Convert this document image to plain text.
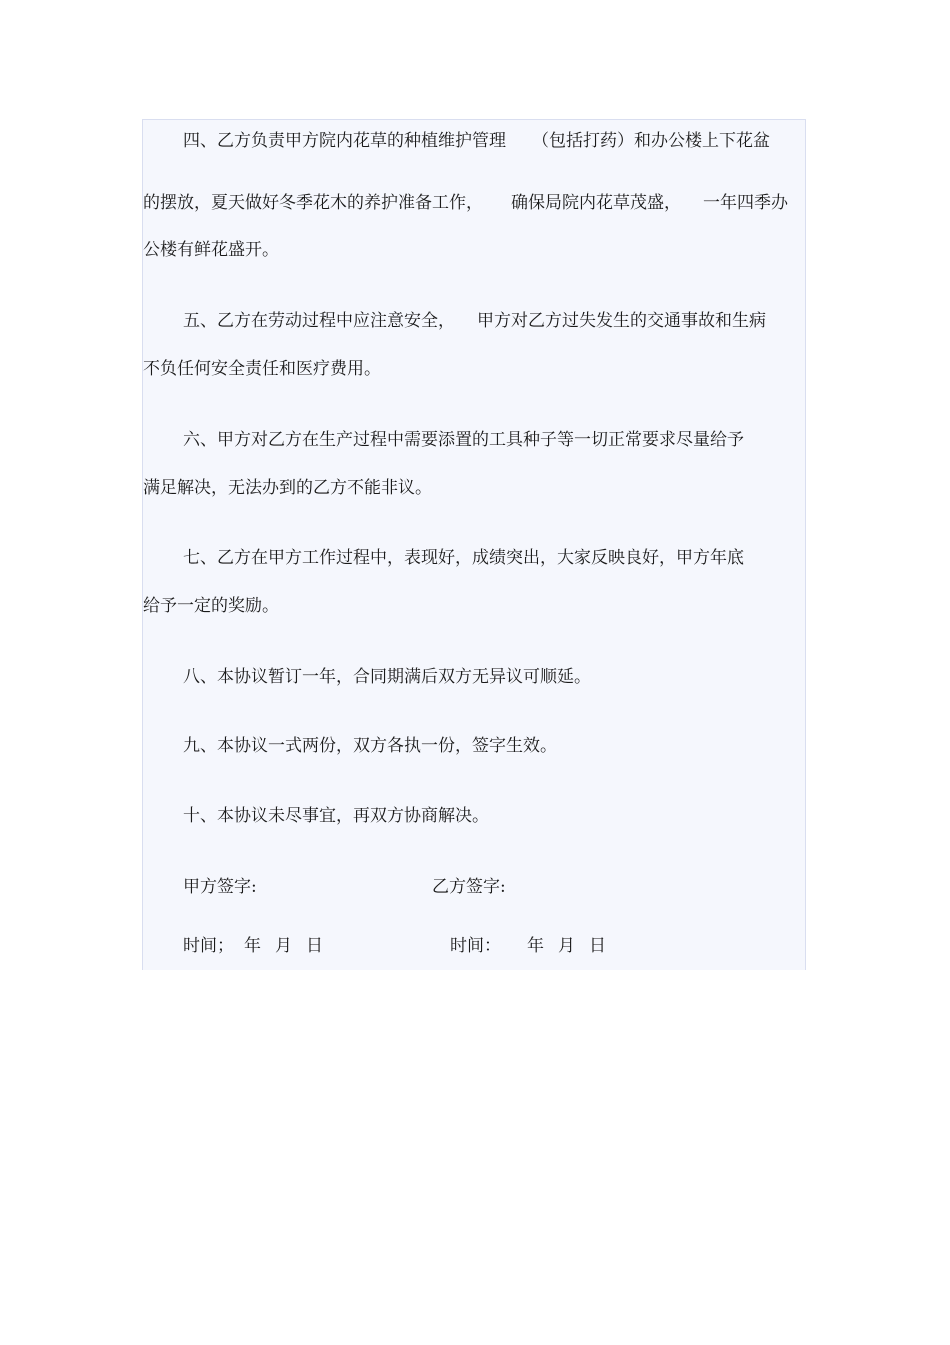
四、乙方负责甲方院内花草的种植维护管理 （包括打药）和办公楼上下花盆
的摆放，夏天做好冬季花木的养护准备工作， 确保局院内花草茂盛， 一年四季办
公楼有鲜花盛开。
五、乙方在劳动过程中应注意安全， 甲方对乙方过失发生的交通事故和生病
不负任何安全责任和医疗费用。
六、甲方对乙方在生产过程中需要添置的工具种子等一切正常要求尽量给予
满足解决，无法办到的乙方不能非议。
七、乙方在甲方工作过程中，表现好，成绩突出，大家反映良好，甲方年底
给予一定的奖励。
八、本协议暂订一年，合同期满后双方无异议可顺延。
九、本协议一式两份，双方各执一份，签字生效。
十、本协议未尽事宜，再双方协商解决。
甲方签字:	乙方签字:
时间； 年 月 日	时间： 年 月 日
